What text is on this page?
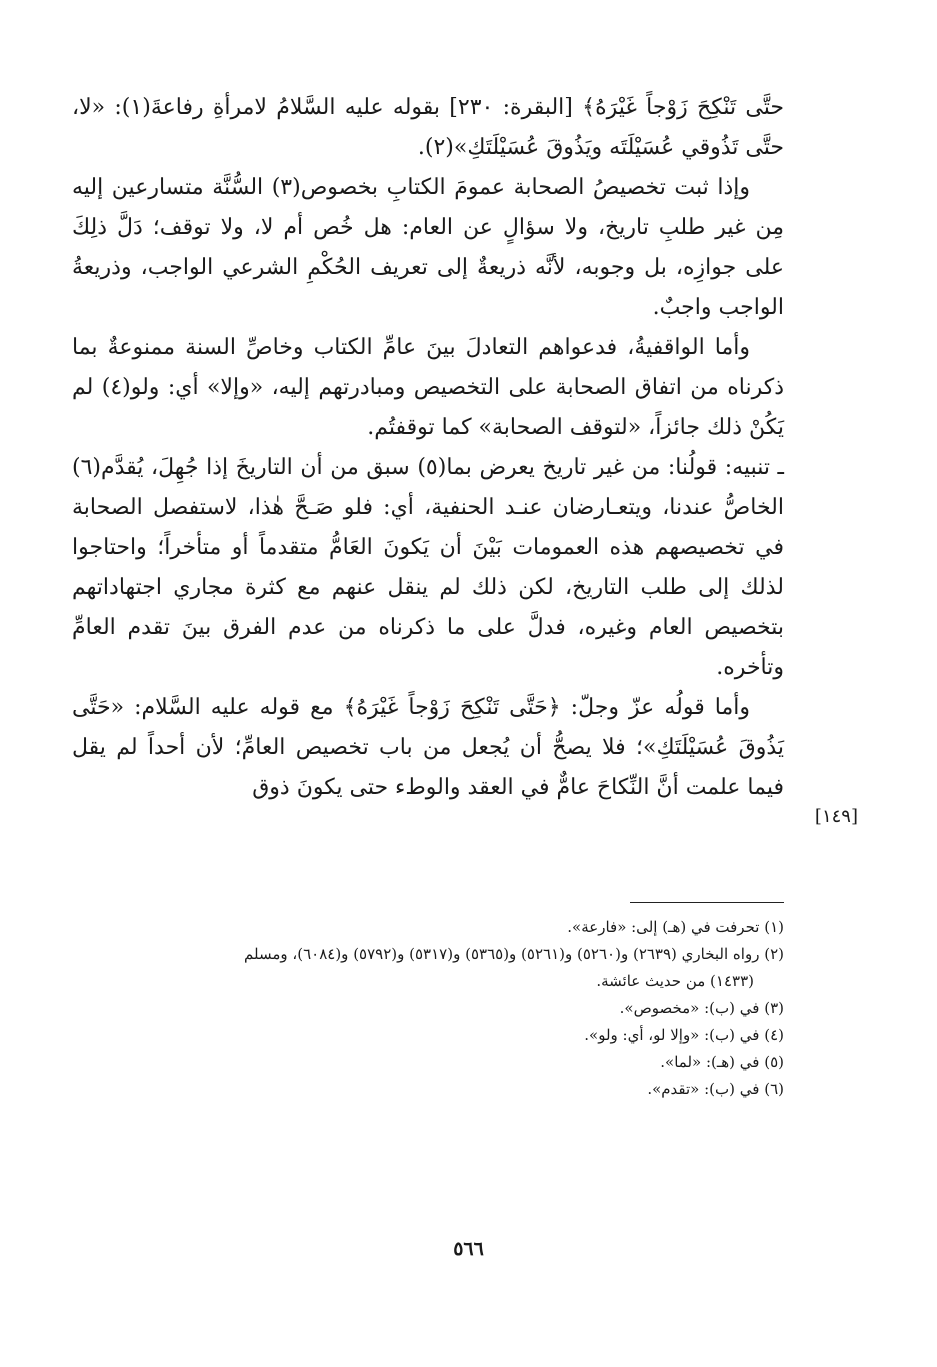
حتَّى تَنْكِحَ زَوْجاً غَيْرَهُ﴾ [البقرة: ٢٣٠] بقوله عليه السَّلامُ لامرأةِ رفاعةَ(١): «لا، حتَّى تَذُوقي عُسَيْلَتَه ويَذُوقَ عُسَيْلَتَكِ»(٢).

وإذا ثبت تخصيصُ الصحابة عمومَ الكتابِ بخصوص(٣) السُّنَّة متسارعين إليه مِن غير طلبِ تاريخ، ولا سؤالٍ عن العام: هل خُص أم لا، ولا توقف؛ دَلَّ ذلِكَ على جوازِه، بل وجوبه، لأنَّه ذريعةٌ إلى تعريف الحُكْمِ الشرعي الواجب، وذريعةُ الواجب واجبٌ.

وأما الواقفيةُ، فدعواهم التعادلَ بينَ عامِّ الكتاب وخاصِّ السنة ممنوعةٌ بما ذكرناه من اتفاق الصحابة على التخصيص ومبادرتهم إليه، «وإلا» أي: ولو(٤) لم يَكُنْ ذلك جائزاً، «لتوقف الصحابة» كما توقفتُم.

ـ تنبيه: قولُنا: من غير تاريخ يعرض بما(٥) سبق من أن التاريخَ إذا جُهِلَ، يُقدَّم(٦) الخاصُّ عندنا، ويتعـارضان عنـد الحنفية، أي: فلو صَـحَّ هٰذا، لاستفصل الصحابة في تخصيصهم هذه العمومات بَيْنَ أن يَكونَ العَامُّ متقدماً أو متأخراً؛ واحتاجوا لذلك إلى طلب التاريخ، لكن ذلك لم ينقل عنهم مع كثرة مجاري اجتهاداتهم بتخصيص العام وغيره، فدلَّ على ما ذكرناه من عدم الفرق بينَ تقدم العامِّ وتأخره.

وأما قولُه عزّ وجلّ: ﴿حَتَّى تَنْكِحَ زَوْجاً غَيْرَهُ﴾ مع قوله عليه السَّلام: «حَتَّى يَذُوقَ عُسَيْلَتَكِ»؛ فلا يصحُّ أن يُجعل من باب تخصيص العامِّ؛ لأن أحداً لم يقل فيما علمت أنَّ النِّكاحَ عامٌّ في العقد والوطء حتى يكونَ ذوق

[١٤٩]
(١) تحرفت في (هـ) إلى: «فارعة».
(٢) رواه البخاري (٢٦٣٩) و(٥٢٦٠) و(٥٢٦١) و(٥٣٦٥) و(٥٣١٧) و(٥٧٩٢) و(٦٠٨٤)، ومسلم
(١٤٣٣) من حديث عائشة.
(٣) في (ب): «مخصوص».
(٤) في (ب): «وإلا لو، أي: ولو».
(٥) في (هـ): «لما».
(٦) في (ب): «تقدم».
٥٦٦
